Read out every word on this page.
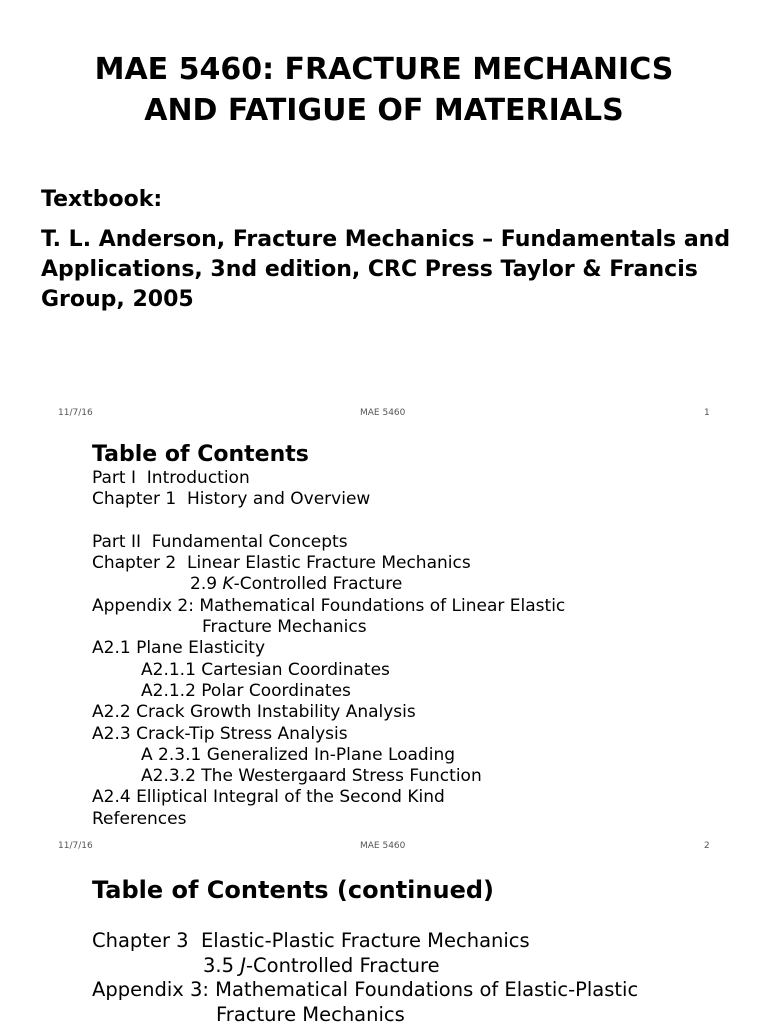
MAE 5460: FRACTURE MECHANICS
AND FATIGUE OF MATERIALS
Textbook:
T. L. Anderson, Fracture Mechanics – Fundamentals and Applications, 3nd edition, CRC Press Taylor & Francis Group, 2005
11/7/16	MAE 5460	1
Table of Contents
Part I  Introduction
Chapter 1  History and Overview

Part II  Fundamental Concepts
Chapter 2  Linear Elastic Fracture Mechanics
2.9 K-Controlled Fracture
Appendix 2: Mathematical Foundations of Linear Elastic
Fracture Mechanics
A2.1 Plane Elasticity
A2.1.1 Cartesian Coordinates
A2.1.2 Polar Coordinates
A2.2 Crack Growth Instability Analysis
A2.3 Crack-Tip Stress Analysis
A 2.3.1 Generalized In-Plane Loading
A2.3.2 The Westergaard Stress Function
A2.4 Elliptical Integral of the Second Kind
References
11/7/16	MAE 5460	2
Table of Contents (continued)
Chapter 3  Elastic-Plastic Fracture Mechanics
3.5 J-Controlled Fracture
Appendix 3: Mathematical Foundations of Elastic-Plastic
Fracture Mechanics
